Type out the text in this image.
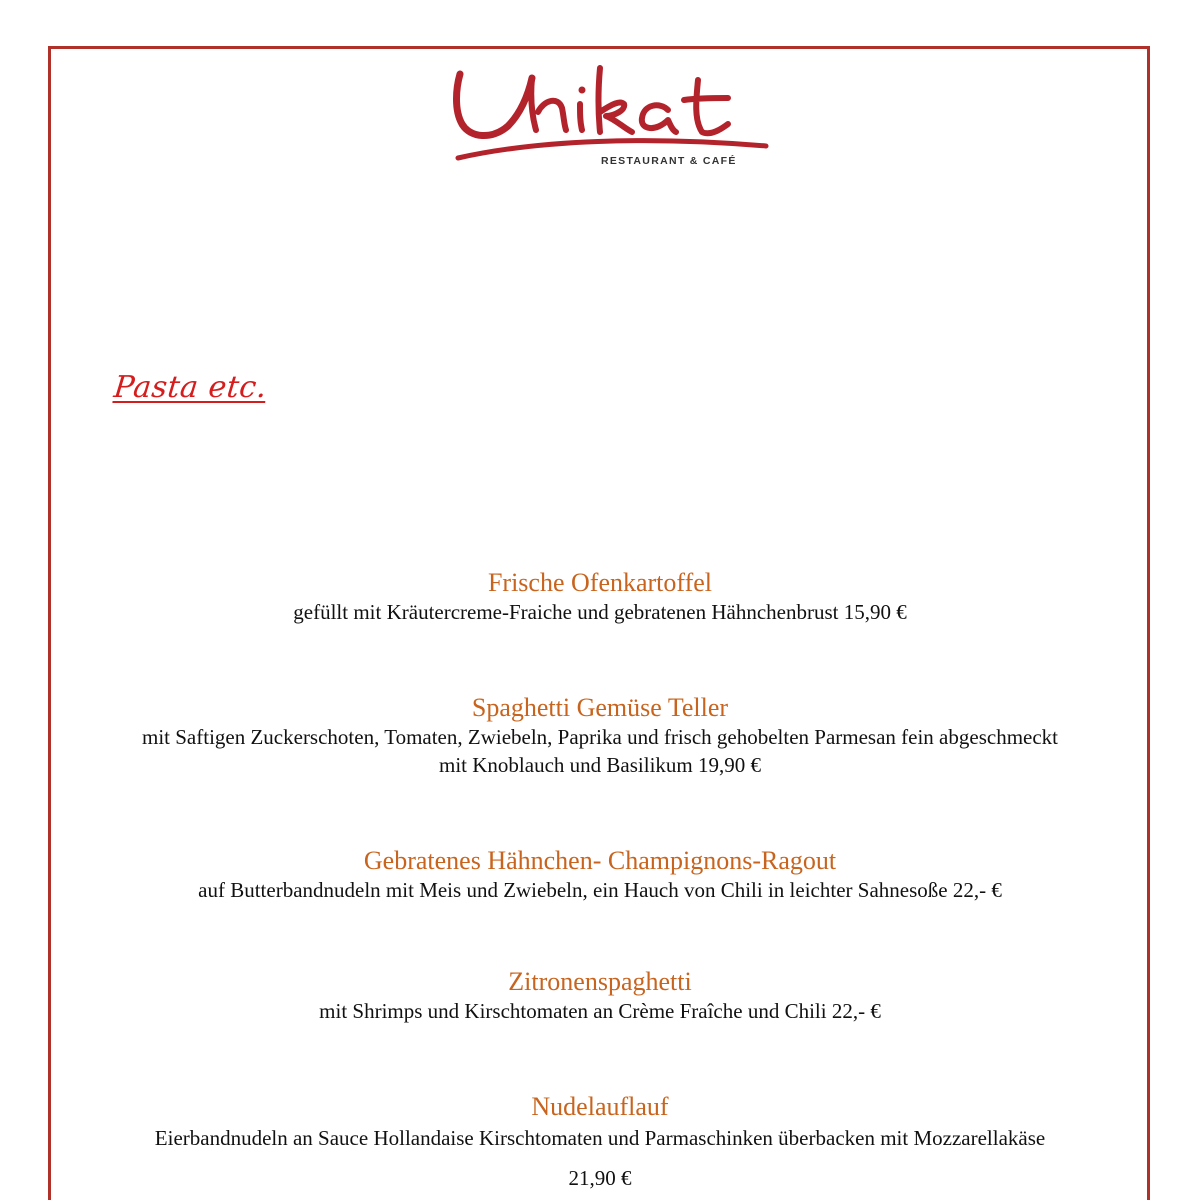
RESTAURANT & CAFÉ
Pasta etc.
Frische Ofenkartoffel
gefüllt mit Kräutercreme-Fraiche und gebratenen Hähnchenbrust 15,90 €
Spaghetti Gemüse Teller
mit Saftigen Zuckerschoten, Tomaten, Zwiebeln, Paprika und frisch gehobelten Parmesan fein abgeschmeckt mit Knoblauch und Basilikum 19,90 €
Gebratenes Hähnchen- Champignons-Ragout
auf Butterbandnudeln mit Meis und Zwiebeln, ein Hauch von Chili in leichter Sahnesoße 22,- €
Zitronenspaghetti
mit Shrimps und Kirschtomaten an Crème Fraîche und Chili 22,- €
Nudelauflauf
Eierbandnudeln an Sauce Hollandaise Kirschtomaten und Parmaschinken überbacken mit Mozzarellakäse 21,90 €
